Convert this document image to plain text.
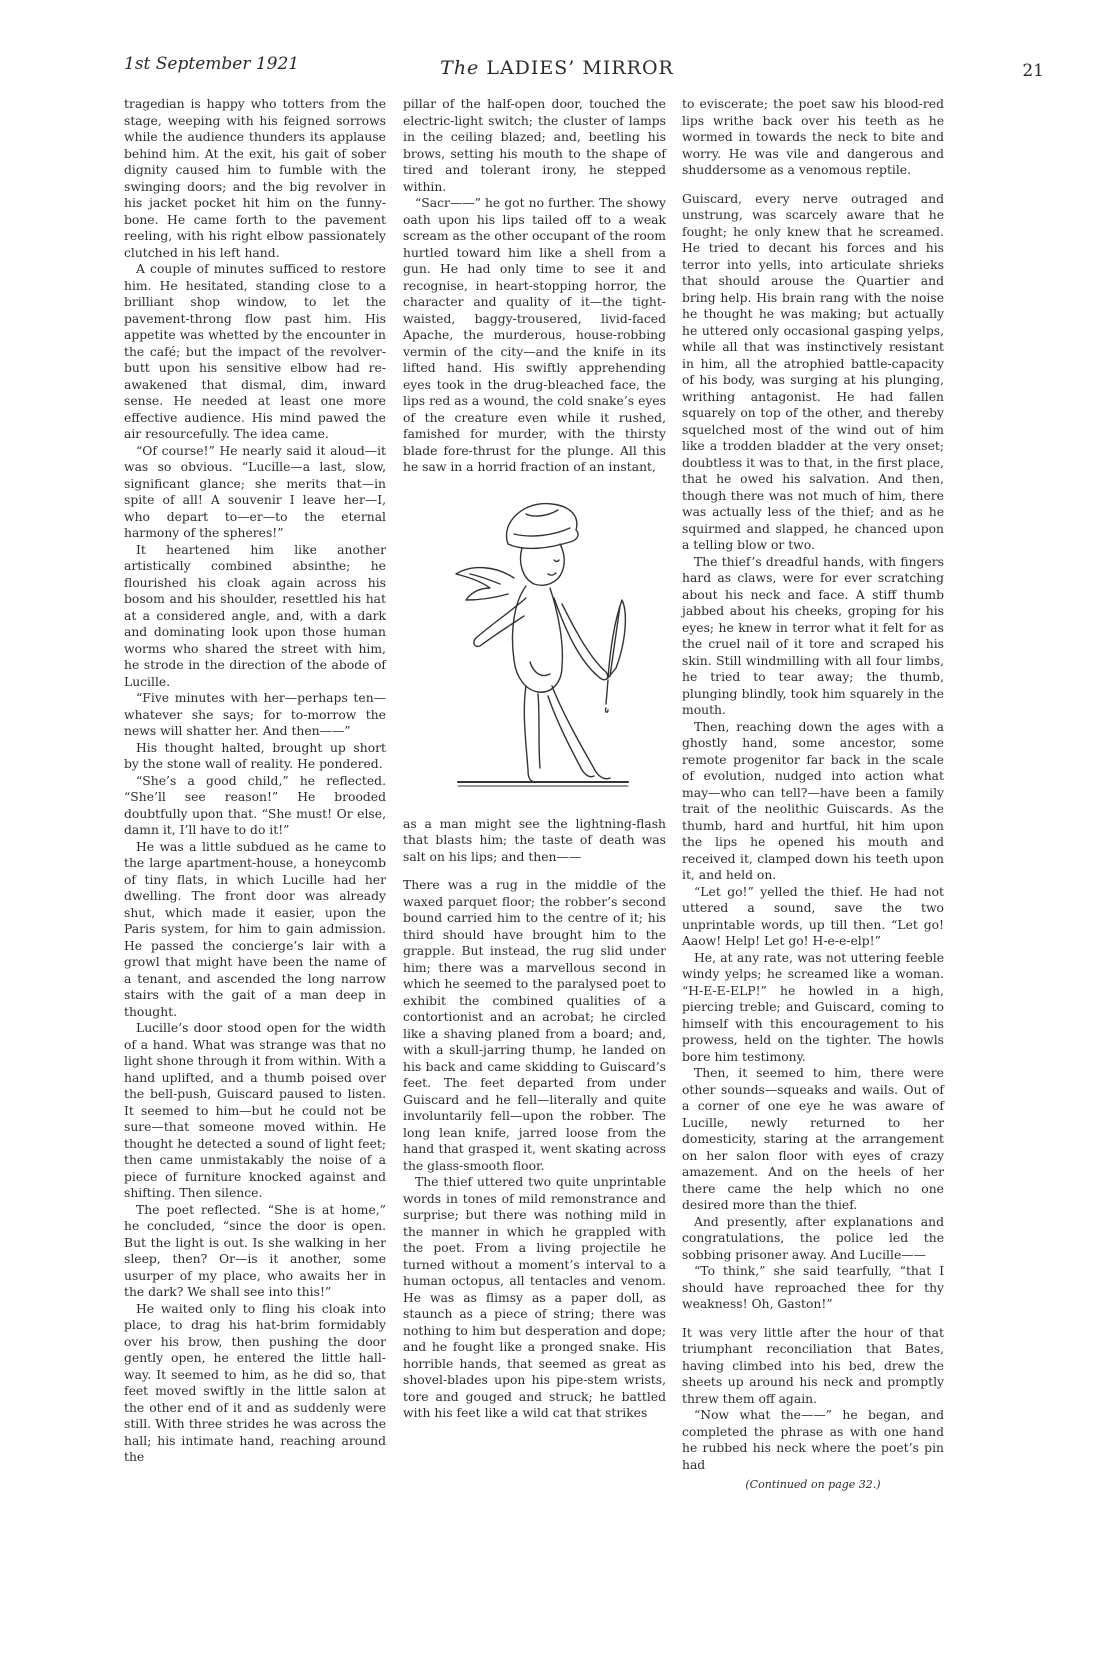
1st September 1921	The LADIES’ MIRROR	21

tragedian is happy who totters from the stage, weeping with his feigned sorrows while the audience thunders its applause behind him. At the exit, his gait of sober dignity caused him to fumble with the swinging doors; and the big revolver in his jacket pocket hit him on the funny-bone. He came forth to the pavement reeling, with his right elbow passionately clutched in his left hand.

A couple of minutes sufficed to restore him. He hesitated, standing close to a brilliant shop window, to let the pavement-throng flow past him. His appetite was whetted by the encounter in the café; but the impact of the revolver-butt upon his sensitive elbow had re-awakened that dismal, dim, inward sense. He needed at least one more effective audience. His mind pawed the air resourcefully. The idea came.

“Of course!” He nearly said it aloud—it was so obvious. “Lucille—a last, slow, significant glance; she merits that—in spite of all! A souvenir I leave her—I, who depart to—er—to the eternal harmony of the spheres!”

It heartened him like another artistically combined absinthe; he flourished his cloak again across his bosom and his shoulder, resettled his hat at a considered angle, and, with a dark and dominating look upon those human worms who shared the street with him, he strode in the direction of the abode of Lucille.

“Five minutes with her—perhaps ten—whatever she says; for to-morrow the news will shatter her. And then——”

His thought halted, brought up short by the stone wall of reality. He pondered.

“She’s a good child,” he reflected. “She’ll see reason!” He brooded doubtfully upon that. “She must! Or else, damn it, I’ll have to do it!”

He was a little subdued as he came to the large apartment-house, a honeycomb of tiny flats, in which Lucille had her dwelling. The front door was already shut, which made it easier, upon the Paris system, for him to gain admission. He passed the concierge’s lair with a growl that might have been the name of a tenant, and ascended the long narrow stairs with the gait of a man deep in thought.

Lucille’s door stood open for the width of a hand. What was strange was that no light shone through it from within. With a hand uplifted, and a thumb poised over the bell-push, Guiscard paused to listen. It seemed to him—but he could not be sure—that someone moved within. He thought he detected a sound of light feet; then came unmistakably the noise of a piece of furniture knocked against and shifting. Then silence.

The poet reflected. “She is at home,” he concluded, “since the door is open. But the light is out. Is she walking in her sleep, then? Or—is it another, some usurper of my place, who awaits her in the dark? We shall see into this!”

He waited only to fling his cloak into place, to drag his hat-brim formidably over his brow, then pushing the door gently open, he entered the little hall-way. It seemed to him, as he did so, that feet moved swiftly in the little salon at the other end of it and as suddenly were still. With three strides he was across the hall; his intimate hand, reaching around the

pillar of the half-open door, touched the electric-light switch; the cluster of lamps in the ceiling blazed; and, beetling his brows, setting his mouth to the shape of tired and tolerant irony, he stepped within.

“Sacr——” he got no further. The showy oath upon his lips tailed off to a weak scream as the other occupant of the room hurtled toward him like a shell from a gun. He had only time to see it and recognise, in heart-stopping horror, the character and quality of it—the tight-waisted, baggy-trousered, livid-faced Apache, the murderous, house-robbing vermin of the city—and the knife in its lifted hand. His swiftly apprehending eyes took in the drug-bleached face, the lips red as a wound, the cold snake’s eyes of the creature even while it rushed, famished for murder, with the thirsty blade fore-thrust for the plunge. All this he saw in a horrid fraction of an instant,

as a man might see the lightning-flash that blasts him; the taste of death was salt on his lips; and then——

There was a rug in the middle of the waxed parquet floor; the robber’s second bound carried him to the centre of it; his third should have brought him to the grapple. But instead, the rug slid under him; there was a marvellous second in which he seemed to the paralysed poet to exhibit the combined qualities of a contortionist and an acrobat; he circled like a shaving planed from a board; and, with a skull-jarring thump, he landed on his back and came skidding to Guiscard’s feet. The feet departed from under Guiscard and he fell—literally and quite involuntarily fell—upon the robber. The long lean knife, jarred loose from the hand that grasped it, went skating across the glass-smooth floor.

The thief uttered two quite unprintable words in tones of mild remonstrance and surprise; but there was nothing mild in the manner in which he grappled with the poet. From a living projectile he turned without a moment’s interval to a human octopus, all tentacles and venom. He was as flimsy as a paper doll, as staunch as a piece of string; there was nothing to him but desperation and dope; and he fought like a pronged snake. His horrible hands, that seemed as great as shovel-blades upon his pipe-stem wrists, tore and gouged and struck; he battled with his feet like a wild cat that strikes

to eviscerate; the poet saw his blood-red lips writhe back over his teeth as he wormed in towards the neck to bite and worry. He was vile and dangerous and shuddersome as a venomous reptile.

Guiscard, every nerve outraged and unstrung, was scarcely aware that he fought; he only knew that he screamed. He tried to decant his forces and his terror into yells, into articulate shrieks that should arouse the Quartier and bring help. His brain rang with the noise he thought he was making; but actually he uttered only occasional gasping yelps, while all that was instinctively resistant in him, all the atrophied battle-capacity of his body, was surging at his plunging, writhing antagonist. He had fallen squarely on top of the other, and thereby squelched most of the wind out of him like a trodden bladder at the very onset; doubtless it was to that, in the first place, that he owed his salvation. And then, though there was not much of him, there was actually less of the thief; and as he squirmed and slapped, he chanced upon a telling blow or two.

The thief’s dreadful hands, with fingers hard as claws, were for ever scratching about his neck and face. A stiff thumb jabbed about his cheeks, groping for his eyes; he knew in terror what it felt for as the cruel nail of it tore and scraped his skin. Still windmilling with all four limbs, he tried to tear away; the thumb, plunging blindly, took him squarely in the mouth.

Then, reaching down the ages with a ghostly hand, some ancestor, some remote progenitor far back in the scale of evolution, nudged into action what may—who can tell?—have been a family trait of the neolithic Guiscards. As the thumb, hard and hurtful, hit him upon the lips he opened his mouth and received it, clamped down his teeth upon it, and held on.

“Let go!” yelled the thief. He had not uttered a sound, save the two unprintable words, up till then. “Let go! Aaow! Help! Let go! H-e-e-elp!”

He, at any rate, was not uttering feeble windy yelps; he screamed like a woman. “H-E-E-ELP!” he howled in a high, piercing treble; and Guiscard, coming to himself with this encouragement to his prowess, held on the tighter. The howls bore him testimony.

Then, it seemed to him, there were other sounds—squeaks and wails. Out of a corner of one eye he was aware of Lucille, newly returned to her domesticity, staring at the arrangement on her salon floor with eyes of crazy amazement. And on the heels of her there came the help which no one desired more than the thief.

And presently, after explanations and congratulations, the police led the sobbing prisoner away. And Lucille——

“To think,” she said tearfully, “that I should have reproached thee for thy weakness! Oh, Gaston!”

It was very little after the hour of that triumphant reconciliation that Bates, having climbed into his bed, drew the sheets up around his neck and promptly threw them off again.

“Now what the——” he began, and completed the phrase as with one hand he rubbed his neck where the poet’s pin had

(Continued on page 32.)
